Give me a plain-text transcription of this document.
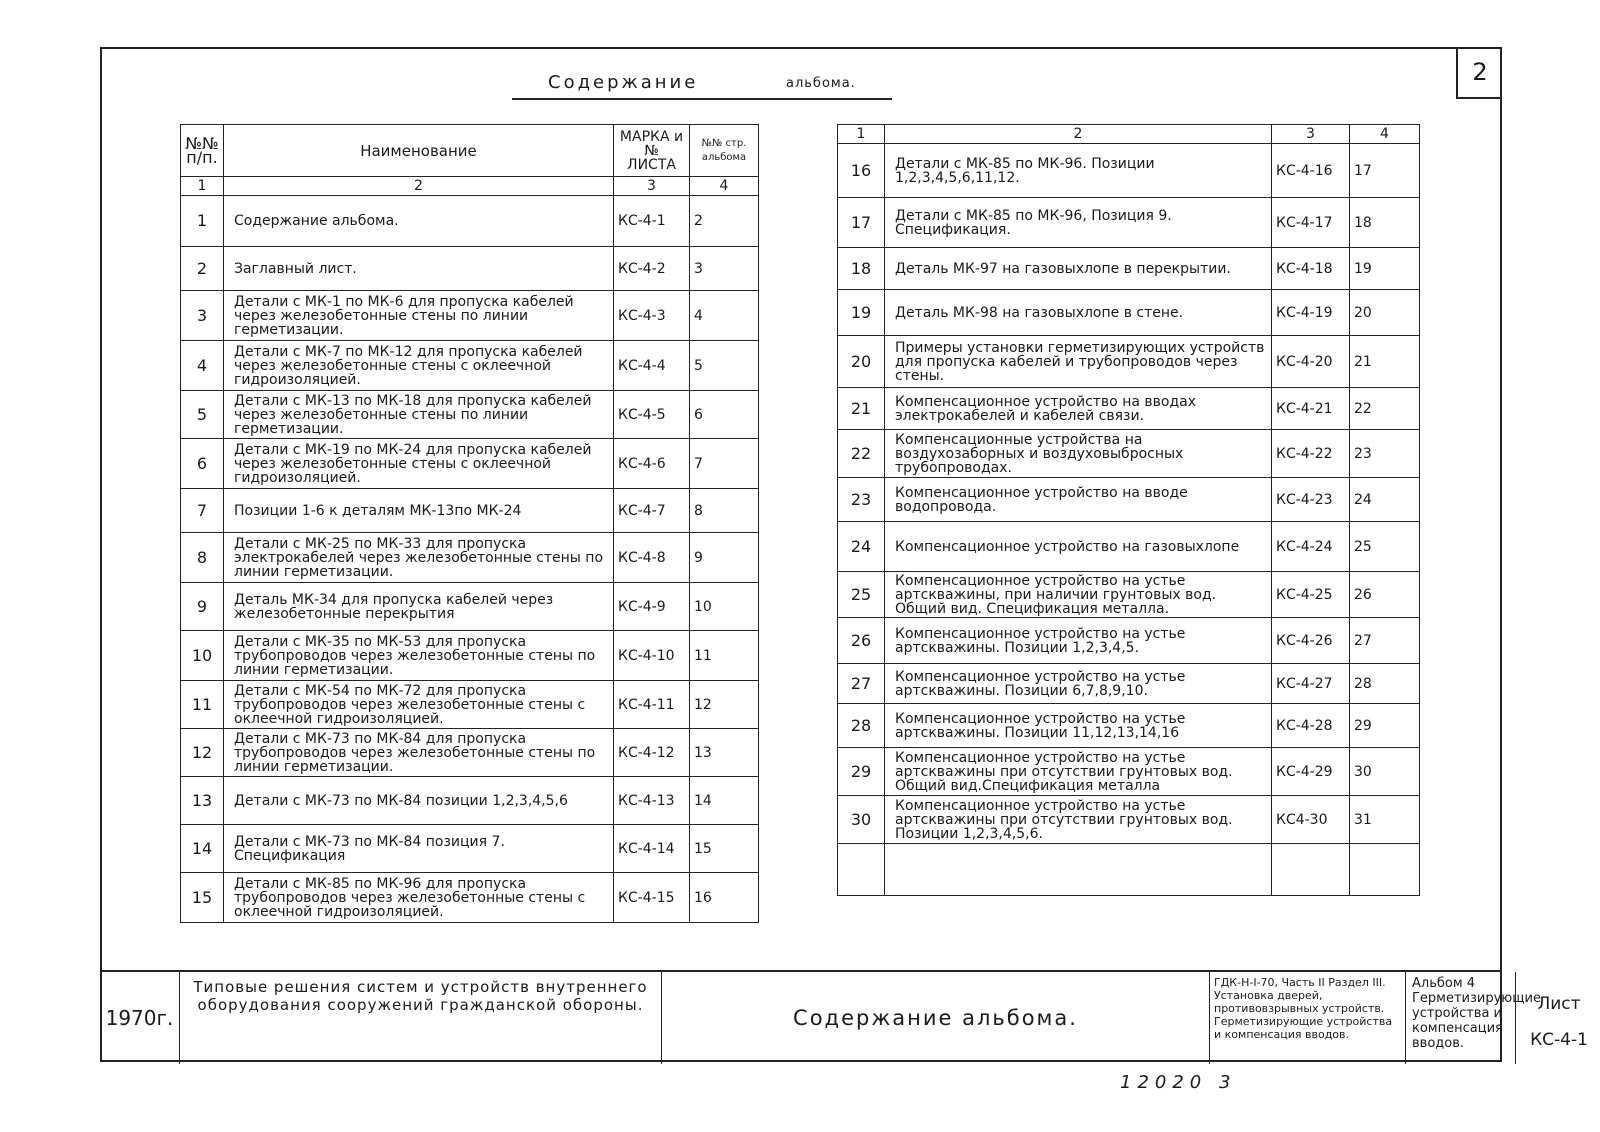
2
Содержание	альбома.
№№ п/п.	Наименование	МАРКА и № ЛИСТА	№№ стр. альбома
1	2	3	4
1	Содержание альбома.	КС-4-1	2
2	Заглавный лист.	КС-4-2	3
3	Детали с МК-1 по МК-6 для пропуска кабелей через железобетонные стены по линии герметизации.	КС-4-3	4
4	Детали с МК-7 по МК-12 для пропуска кабелей через железобетонные стены с оклеечной гидроизоляцией.	КС-4-4	5
5	Детали с МК-13 по МК-18 для пропуска кабелей через железобетонные стены по линии герметизации.	КС-4-5	6
6	Детали с МК-19 по МК-24 для пропуска кабелей через железобетонные стены с оклеечной гидроизоляцией.	КС-4-6	7
7	Позиции 1-6 к деталям МК-13по МК-24	КС-4-7	8
8	Детали с МК-25 по МК-33 для пропуска электрокабелей через железобетонные стены по линии герметизации.	КС-4-8	9
9	Деталь МК-34 для пропуска кабелей через железобетонные перекрытия	КС-4-9	10
10	Детали с МК-35 по МК-53 для пропуска трубопроводов через железобетонные стены по линии герметизации.	КС-4-10	11
11	Детали с МК-54 по МК-72 для пропуска трубопроводов через железобетонные стены с оклеечной гидроизоляцией.	КС-4-11	12
12	Детали с МК-73 по МК-84 для пропуска трубопроводов через железобетонные стены по линии герметизации.	КС-4-12	13
13	Детали с МК-73 по МК-84 позиции 1,2,3,4,5,6	КС-4-13	14
14	Детали с МК-73 по МК-84 позиция 7. Спецификация	КС-4-14	15
15	Детали с МК-85 по МК-96 для пропуска трубопроводов через железобетонные стены с оклеечной гидроизоляцией.	КС-4-15	16
1	2	3	4
16	Детали с МК-85 по МК-96. Позиции 1,2,3,4,5,6,11,12.	КС-4-16	17
17	Детали с МК-85 по МК-96, Позиция 9. Спецификация.	КС-4-17	18
18	Деталь МК-97 на газовыхлопе в перекрытии.	КС-4-18	19
19	Деталь МК-98 на газовыхлопе в стене.	КС-4-19	20
20	Примеры установки герметизирующих устройств для пропуска кабелей и трубопроводов через стены.	КС-4-20	21
21	Компенсационное устройство на вводах электрокабелей и кабелей связи.	КС-4-21	22
22	Компенсационные устройства на воздухозаборных и воздуховыбросных трубопроводах.	КС-4-22	23
23	Компенсационное устройство на вводе водопровода.	КС-4-23	24
24	Компенсационное устройство на газовыхлопе	КС-4-24	25
25	Компенсационное устройство на устье артскважины, при наличии грунтовых вод. Общий вид. Спецификация металла.	КС-4-25	26
26	Компенсационное устройство на устье артскважины. Позиции 1,2,3,4,5.	КС-4-26	27
27	Компенсационное устройство на устье артскважины. Позиции 6,7,8,9,10.	КС-4-27	28
28	Компенсационное устройство на устье артскважины. Позиции 11,12,13,14,16	КС-4-28	29
29	Компенсационное устройство на устье артскважины при отсутствии грунтовых вод. Общий вид.Спецификация металла	КС-4-29	30
30	Компенсационное устройство на устье артскважины при отсутствии грунтовых вод. Позиции 1,2,3,4,5,6.	КС4-30	31

1970г.
Типовые решения систем и устройств внутреннего оборудования сооружений гражданской обороны.
Содержание альбома.
ГДК-Н-I-70, Часть II Раздел III. Установка дверей, противовзрывных устройств. Герметизирующие устройства и компенсация вводов.
Альбом 4 Герметизирующие устройства и компенсация вводов.
Лист
КС-4-1
12020 3
